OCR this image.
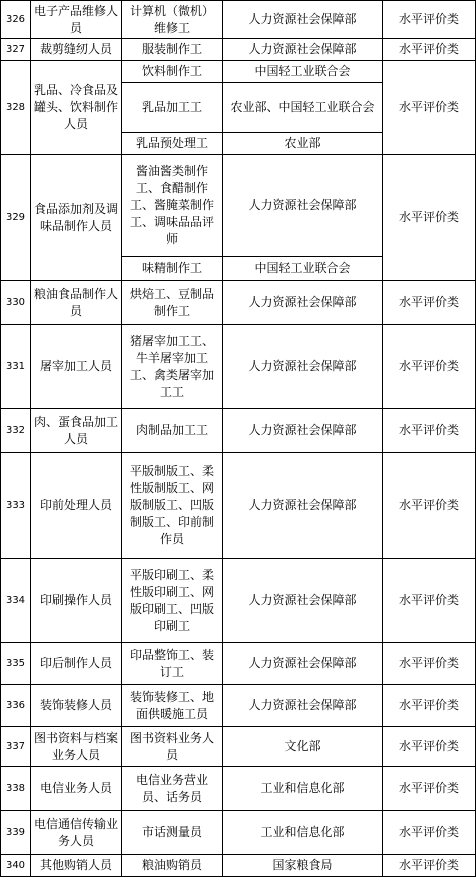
326	电子产品维修人员	计算机（微机）维修工	人力资源社会保障部	水平评价类
327	裁剪缝纫人员	服装制作工	人力资源社会保障部	水平评价类
328	乳品、冷食品及罐头、饮料制作人员	饮料制作工	中国轻工业联合会	水平评价类
		乳品加工工	农业部、中国轻工业联合会	
		乳品预处理工	农业部	
329	食品添加剂及调味品制作人员	酱油酱类制作工、食醋制作工、酱腌菜制作工、调味品品评师	人力资源社会保障部	水平评价类
		味精制作工	中国轻工业联合会	
330	粮油食品制作人员	烘焙工、豆制品制作工	人力资源社会保障部	水平评价类
331	屠宰加工人员	猪屠宰加工工、牛羊屠宰加工工、禽类屠宰加工工	人力资源社会保障部	水平评价类
332	肉、蛋食品加工人员	肉制品加工工	人力资源社会保障部	水平评价类
333	印前处理人员	平版制版工、柔性版制版工、网版制版工、凹版制版工、印前制作员	人力资源社会保障部	水平评价类
334	印刷操作人员	平版印刷工、柔性版印刷工、网版印刷工、凹版印刷工	人力资源社会保障部	水平评价类
335	印后制作人员	印品整饰工、装订工	人力资源社会保障部	水平评价类
336	装饰装修人员	装饰装修工、地面供暖施工员	人力资源社会保障部	水平评价类
337	图书资料与档案业务人员	图书资料业务人员	文化部	水平评价类
338	电信业务人员	电信业务营业员、话务员	工业和信息化部	水平评价类
339	电信通信传输业务人员	市话测量员	工业和信息化部	水平评价类
340	其他购销人员	粮油购销员	国家粮食局	水平评价类
